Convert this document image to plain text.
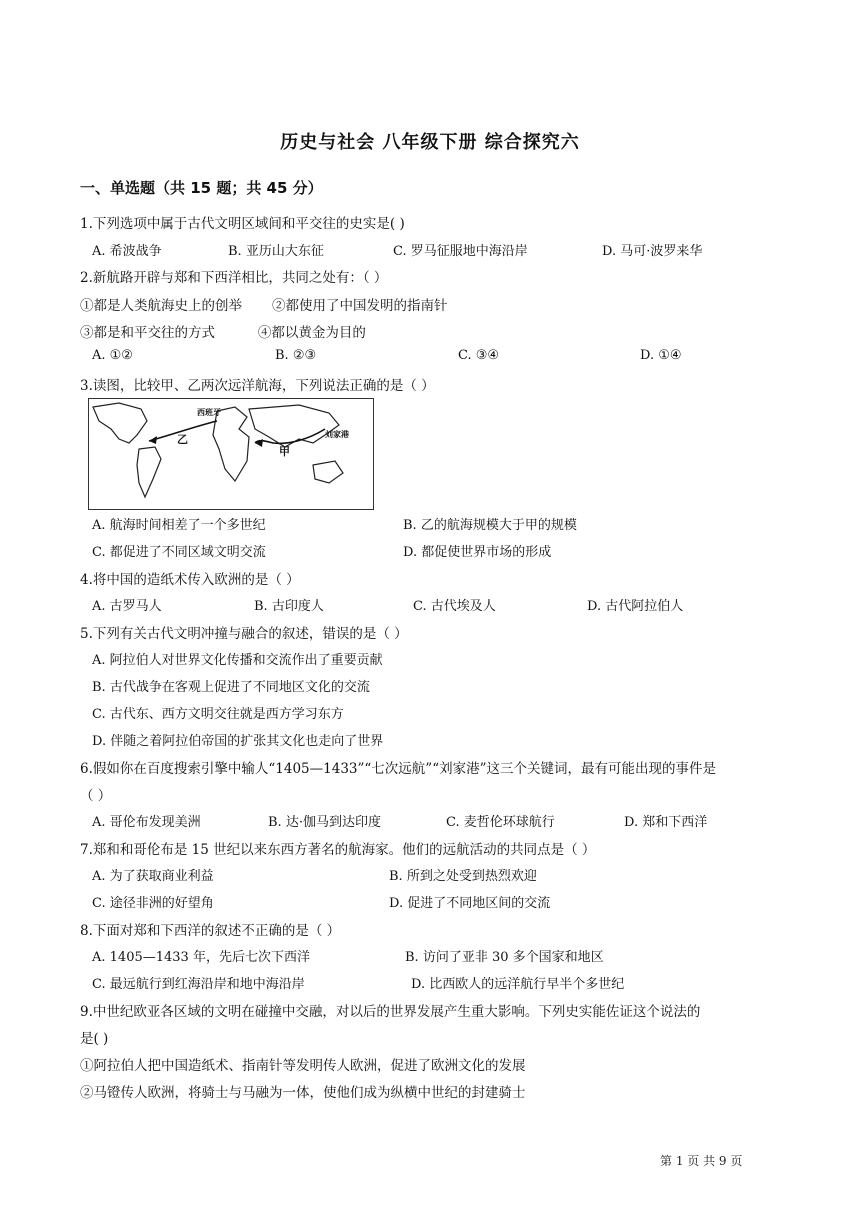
历史与社会 八年级下册 综合探究六
一、单选题（共 15 题；共 45 分）
1.下列选项中属于古代文明区域间和平交往的史实是( )
A. 希波战争	B. 亚历山大东征	C. 罗马征服地中海沿岸	D. 马可·波罗来华
2.新航路开辟与郑和下西洋相比，共同之处有：（ ）
①都是人类航海史上的创举       ②都使用了中国发明的指南针
③都是和平交往的方式          ④都以黄金为目的
A. ①②	B. ②③	C. ③④	D. ①④
3.读图，比较甲、乙两次远洋航海，下列说法正确的是（ ）
西班牙
乙
甲
刘家港
A. 航海时间相差了一个多世纪	B. 乙的航海规模大于甲的规模
C. 都促进了不同区域文明交流	D. 都促使世界市场的形成
4.将中国的造纸术传入欧洲的是（ ）
A. 古罗马人	B. 古印度人	C. 古代埃及人	D. 古代阿拉伯人
5.下列有关古代文明冲撞与融合的叙述，错误的是（ ）
A. 阿拉伯人对世界文化传播和交流作出了重要贡献
B. 古代战争在客观上促进了不同地区文化的交流
C. 古代东、西方文明交往就是西方学习东方
D. 伴随之着阿拉伯帝国的扩张其文化也走向了世界
6.假如你在百度搜索引擎中输人“1405—1433”“七次远航”“刘家港”这三个关键词，最有可能出现的事件是
（ ）
A. 哥伦布发现美洲	B. 达·伽马到达印度	C. 麦哲伦环球航行	D. 郑和下西洋
7.郑和和哥伦布是 15 世纪以来东西方著名的航海家。他们的远航活动的共同点是（ ）
A. 为了获取商业利益	B. 所到之处受到热烈欢迎
C. 途径非洲的好望角	D. 促进了不同地区间的交流
8.下面对郑和下西洋的叙述不正确的是（ ）
A. 1405—1433 年，先后七次下西洋	B. 访问了亚非 30 多个国家和地区
C. 最远航行到红海沿岸和地中海沿岸	D. 比西欧人的远洋航行早半个多世纪
9.中世纪欧亚各区域的文明在碰撞中交融，对以后的世界发展产生重大影响。下列史实能佐证这个说法的
是( )
①阿拉伯人把中国造纸术、指南针等发明传人欧洲，促进了欧洲文化的发展
②马镫传人欧洲，将骑士与马融为一体，使他们成为纵横中世纪的封建骑士
第 1 页 共 9 页
